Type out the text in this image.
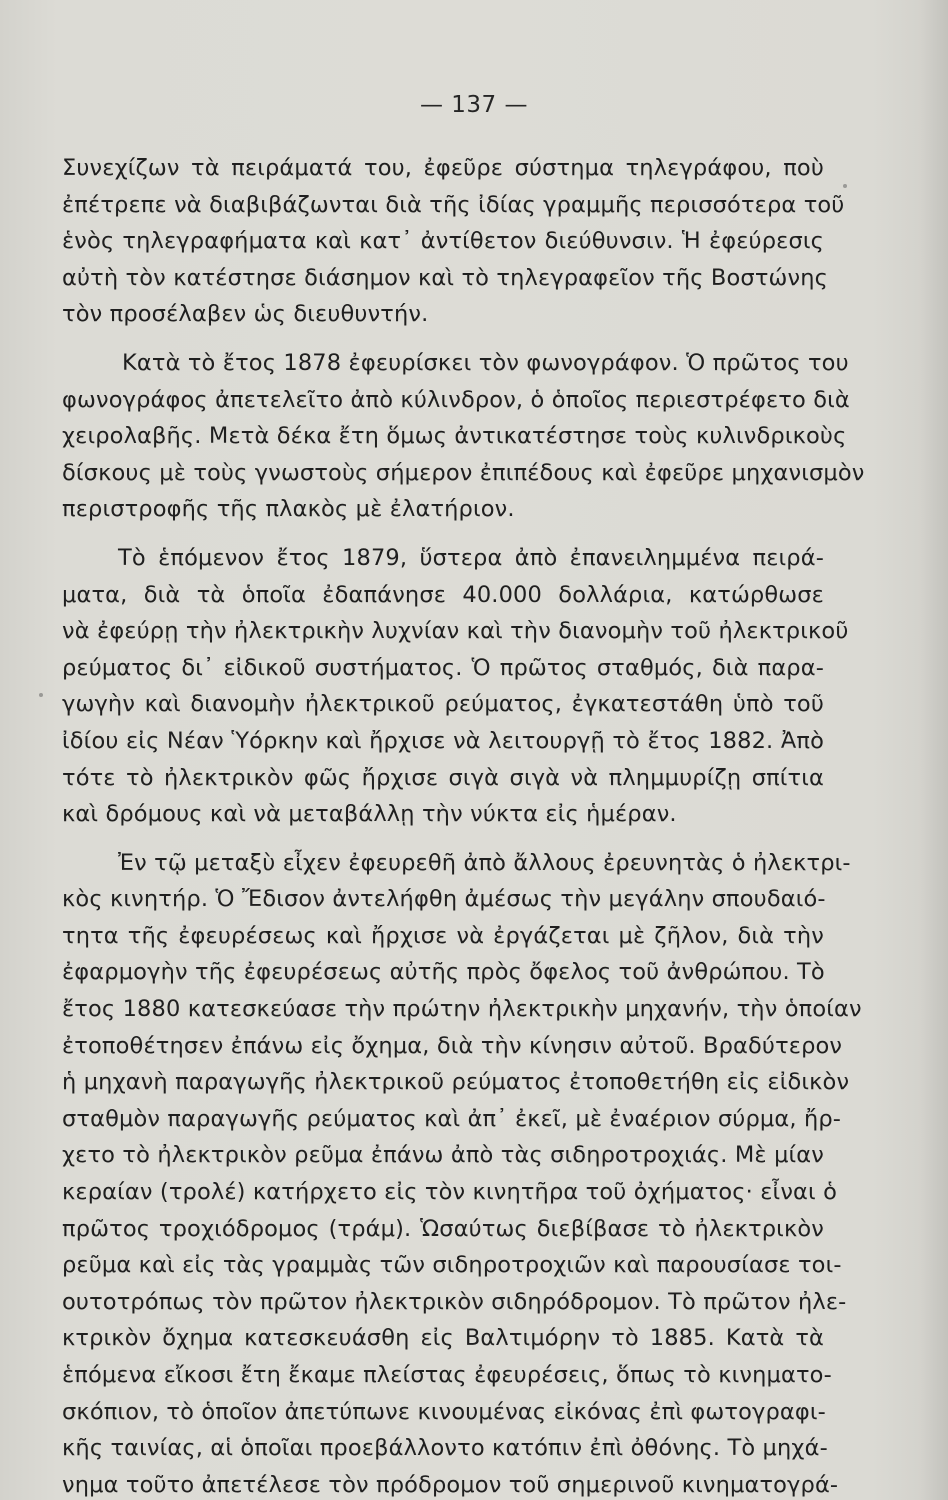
— 137 —
Συνεχίζων τὰ πειράματά του, ἐφεῦρε σύστημα τηλεγράφου, ποὺ
ἐπέτρεπε νὰ διαβιβάζωνται διὰ τῆς ἰδίας γραμμῆς περισσότερα τοῦ
ἑνὸς τηλεγραφήματα καὶ κατ᾽ ἀντίθετον διεύθυνσιν. Ἡ ἐφεύρεσις
αὐτὴ τὸν κατέστησε διάσημον καὶ τὸ τηλεγραφεῖον τῆς Βοστώνης
τὸν προσέλαβεν ὡς διευθυντήν.
Κατὰ τὸ ἔτος 1878 ἐφευρίσκει τὸν φωνογράφον. Ὁ πρῶτος του
φωνογράφος ἀπετελεῖτο ἀπὸ κύλινδρον, ὁ ὁποῖος περιεστρέφετο διὰ
χειρολαβῆς. Μετὰ δέκα ἔτη ὅμως ἀντικατέστησε τοὺς κυλινδρικοὺς
δίσκους μὲ τοὺς γνωστοὺς σήμερον ἐπιπέδους καὶ ἐφεῦρε μηχανισμὸν
περιστροφῆς τῆς πλακὸς μὲ ἐλατήριον.
Τὸ ἑπόμενον ἔτος 1879, ὕστερα ἀπὸ ἐπανειλημμένα πειρά-
ματα, διὰ τὰ ὁποῖα ἐδαπάνησε 40.000 δολλάρια, κατώρθωσε
νὰ ἐφεύρῃ τὴν ἠλεκτρικὴν λυχνίαν καὶ τὴν διανομὴν τοῦ ἠλεκτρικοῦ
ρεύματος δι᾽ εἰδικοῦ συστήματος. Ὁ πρῶτος σταθμός, διὰ παρα-
γωγὴν καὶ διανομὴν ἠλεκτρικοῦ ρεύματος, ἐγκατεστάθη ὑπὸ τοῦ
ἰδίου εἰς Νέαν Ὑόρκην καὶ ἤρχισε νὰ λειτουργῇ τὸ ἔτος 1882. Ἀπὸ
τότε τὸ ἠλεκτρικὸν φῶς ἤρχισε σιγὰ σιγὰ νὰ πλημμυρίζῃ σπίτια
καὶ δρόμους καὶ νὰ μεταβάλλῃ τὴν νύκτα εἰς ἡμέραν.
Ἐν τῷ μεταξὺ εἶχεν ἐφευρεθῆ ἀπὸ ἄλλους ἐρευνητὰς ὁ ἠλεκτρι-
κὸς κινητήρ. Ὁ Ἔδισον ἀντελήφθη ἀμέσως τὴν μεγάλην σπουδαιό-
τητα τῆς ἐφευρέσεως καὶ ἤρχισε νὰ ἐργάζεται μὲ ζῆλον, διὰ τὴν
ἐφαρμογὴν τῆς ἐφευρέσεως αὐτῆς πρὸς ὄφελος τοῦ ἀνθρώπου. Τὸ
ἔτος 1880 κατεσκεύασε τὴν πρώτην ἠλεκτρικὴν μηχανήν, τὴν ὁποίαν
ἐτοποθέτησεν ἐπάνω εἰς ὄχημα, διὰ τὴν κίνησιν αὐτοῦ. Βραδύτερον
ἡ μηχανὴ παραγωγῆς ἠλεκτρικοῦ ρεύματος ἐτοποθετήθη εἰς εἰδικὸν
σταθμὸν παραγωγῆς ρεύματος καὶ ἀπ᾽ ἐκεῖ, μὲ ἐναέριον σύρμα, ἤρ-
χετο τὸ ἠλεκτρικὸν ρεῦμα ἐπάνω ἀπὸ τὰς σιδηροτροχιάς. Μὲ μίαν
κεραίαν (τρολέ) κατήρχετο εἰς τὸν κινητῆρα τοῦ ὀχήματος· εἶναι ὁ
πρῶτος τροχιόδρομος (τράμ). Ὡσαύτως διεβίβασε τὸ ἠλεκτρικὸν
ρεῦμα καὶ εἰς τὰς γραμμὰς τῶν σιδηροτροχιῶν καὶ παρουσίασε τοι-
ουτοτρόπως τὸν πρῶτον ἠλεκτρικὸν σιδηρόδρομον. Τὸ πρῶτον ἠλε-
κτρικὸν ὄχημα κατεσκευάσθη εἰς Βαλτιμόρην τὸ 1885. Κατὰ τὰ
ἑπόμενα εἴκοσι ἔτη ἔκαμε πλείστας ἐφευρέσεις, ὅπως τὸ κινηματο-
σκόπιον, τὸ ὁποῖον ἀπετύπωνε κινουμένας εἰκόνας ἐπὶ φωτογραφι-
κῆς ταινίας, αἱ ὁποῖαι προεβάλλοντο κατόπιν ἐπὶ ὀθόνης. Τὸ μηχά-
νημα τοῦτο ἀπετέλεσε τὸν πρόδρομον τοῦ σημερινοῦ κινηματογρά-
